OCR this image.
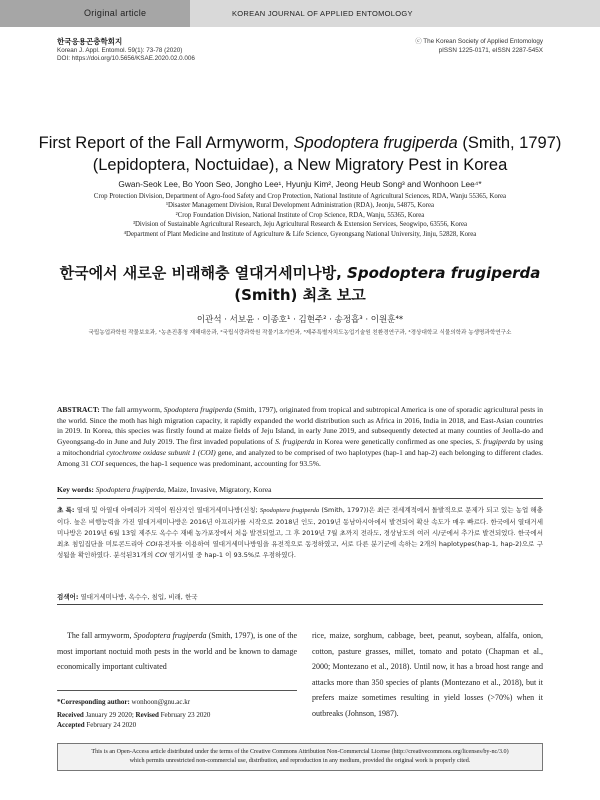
Original article	KOREAN JOURNAL OF APPLIED ENTOMOLOGY
한국응용곤충학회지
Korean J. Appl. Entomol. 59(1): 73-78 (2020)
DOI: https://doi.org/10.5656/KSAE.2020.02.0.006
ⓒ The Korean Society of Applied Entomology
pISSN 1225-0171, eISSN 2287-545X
First Report of the Fall Armyworm, Spodoptera frugiperda (Smith, 1797)
(Lepidoptera, Noctuidae), a New Migratory Pest in Korea
Gwan-Seok Lee, Bo Yoon Seo, Jongho Lee¹, Hyunju Kim², Jeong Heub Song³ and Wonhoon Lee⁴*
Crop Protection Division, Department of Agro-food Safety and Crop Protection, National Institute of Agricultural Sciences, RDA, Wanju 55365, Korea
¹Disaster Management Division, Rural Development Administration (RDA), Jeonju, 54875, Korea
²Crop Foundation Division, National Institute of Crop Science, RDA, Wanju, 55365, Korea
³Division of Sustainable Agricultural Research, Jeju Agricultural Research & Extension Services, Seogwipo, 63556, Korea
⁴Department of Plant Medicine and Institute of Agriculture & Life Science, Gyeongsang National University, Jinju, 52828, Korea
한국에서 새로운 비래해충 열대거세미나방, Spodoptera frugiperda
(Smith) 최초 보고
이관석 · 서보윤 · 이종호¹ · 김현주² · 송정흡³ · 이원훈⁴*
국립농업과학원 작물보호과, ¹농촌진흥청 재해대응과, ²국립식량과학원 작물기초기반과, ³제주특별자치도농업기술원 친환경연구과, ⁴경상대학교 식물의학과 농생명과학연구소
ABSTRACT: The fall armyworm, Spodoptera frugiperda (Smith, 1797), originated from tropical and subtropical America is one of sporadic agricultural pests in the world. Since the moth has high migration capacity, it rapidly expanded the world distribution such as Africa in 2016, India in 2018, and East-Asian countries in 2019. In Korea, this species was firstly found at maize fields of Jeju Island, in early June 2019, and subsequently detected at many counties of Jeolla-do and Gyeongsang-do in June and July 2019. The first invaded populations of S. frugiperda in Korea were genetically confirmed as one species, S. frugiperda by using a mitochondrial cytochrome oxidase subunit 1 (COI) gene, and analyzed to be comprised of two haplotypes (hap-1 and hap-2) each belonging to different clades. Among 31 COI sequences, the hap-1 sequence was predominant, accounting for 93.5%.
Key words: Spodoptera frugiperda, Maize, Invasive, Migratory, Korea
초 록: 열대 및 아열대 아메리카 지역이 원산지인 열대거세미나방(신칭; Spodoptera frugiperda (Smith, 1797))은 최근 전세계적에서 돌발적으로 문제가 되고 있는 농업 해충이다. 높은 비행능력을 가진 열대거세미나방은 2016년 아프리카를 시작으로 2018년 인도, 2019년 동남아시아에서 발견되어 확산 속도가 매우 빠르다. 한국에서 열대거세미나방은 2019년 6월 13일 제주도 옥수수 재배 농가포장에서 처음 발견되었고, 그 후 2019년 7월 초까지 전라도, 경상남도의 여러 시/군에서 추가로 발견되었다. 한국에서 최초 침입집단을 미토콘드리아 COI유전자를 이용하여 열대거세미나방임을 유전적으로 동정하였고, 서로 다른 분기군에 속하는 2개의 haplotypes(hap-1, hap-2)으로 구성됨을 확인하였다. 분석된31개의 COI 염기서열 중 hap-1 이 93.5%로 우점하였다.
검색어: 열대거세미나방, 옥수수, 침입, 비래, 한국
The fall armyworm, Spodoptera frugiperda (Smith, 1797), is one of the most important noctuid moth pests in the world and be known to damage economically important cultivated
rice, maize, sorghum, cabbage, beet, peanut, soybean, alfalfa, onion, cotton, pasture grasses, millet, tomato and potato (Chapman et al., 2000; Montezano et al., 2018). Until now, it has a broad host range and attacks more than 350 species of plants (Montezano et al., 2018), but it prefers maize sometimes resulting in yield losses (>70%) when it outbreaks (Johnson, 1987).
*Corresponding author: wonhoon@gnu.ac.kr
Received January 29 2020; Revised February 23 2020
Accepted February 24 2020
This is an Open-Access article distributed under the terms of the Creative Commons Attribution Non-Commercial License (http://creativecommons.org/licenses/by-nc/3.0)
which permits unrestricted non-commercial use, distribution, and reproduction in any medium, provided the original work is properly cited.
